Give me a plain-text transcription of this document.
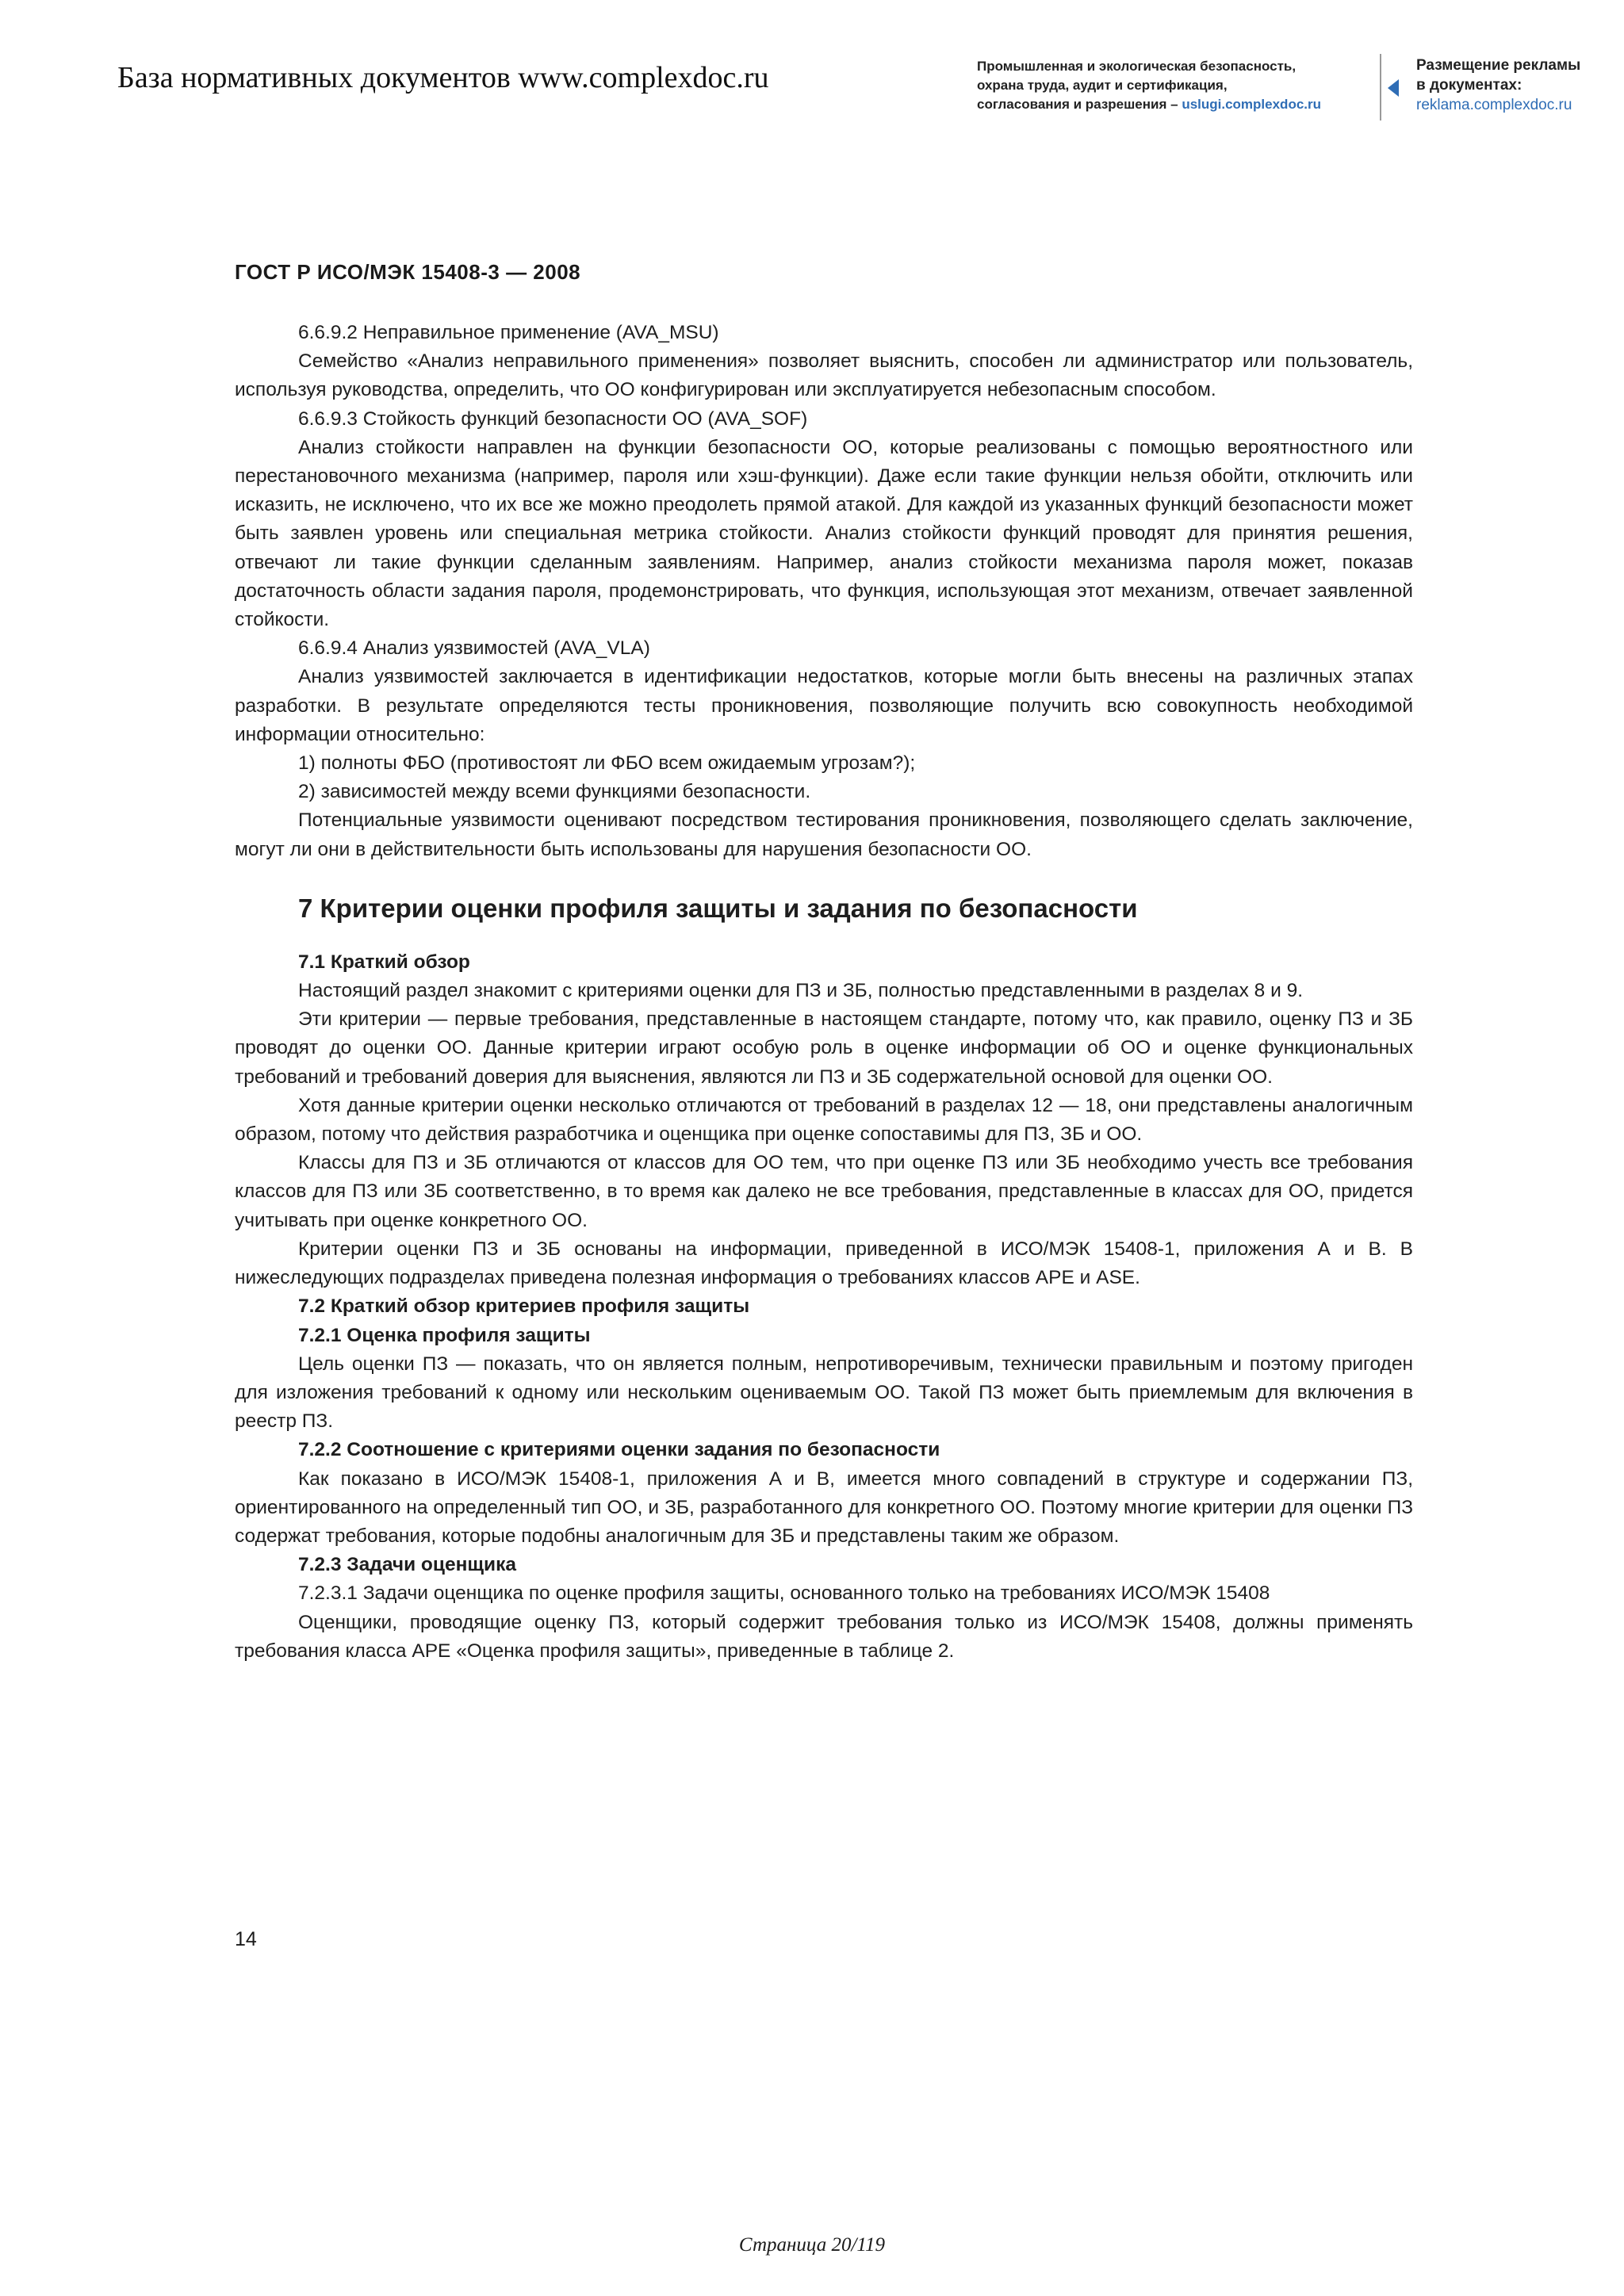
База нормативных документов www.complexdoc.ru	Промышленная и экологическая безопасность,
охрана труда, аудит и сертификация,
согласования и разрешения – uslugi.complexdoc.ru
Размещение рекламы
в документах:
reklama.complexdoc.ru
ГОСТ Р ИСО/МЭК 15408-3 — 2008

6.6.9.2 Неправильное применение (AVA_MSU)

Семейство «Анализ неправильного применения» позволяет выяснить, способен ли администратор или пользователь, используя руководства, определить, что ОО конфигурирован или эксплуатируется небезопасным способом.

6.6.9.3 Стойкость функций безопасности ОО (AVA_SOF)

Анализ стойкости направлен на функции безопасности ОО, которые реализованы с помощью вероятностного или перестановочного механизма (например, пароля или хэш-функции). Даже если такие функции нельзя обойти, отключить или исказить, не исключено, что их все же можно преодолеть прямой атакой. Для каждой из указанных функций безопасности может быть заявлен уровень или специальная метрика стойкости. Анализ стойкости функций проводят для принятия решения, отвечают ли такие функции сделанным заявлениям. Например, анализ стойкости механизма пароля может, показав достаточность области задания пароля, продемонстрировать, что функция, использующая этот механизм, отвечает заявленной стойкости.

6.6.9.4 Анализ уязвимостей (AVA_VLA)

Анализ уязвимостей заключается в идентификации недостатков, которые могли быть внесены на различных этапах разработки. В результате определяются тесты проникновения, позволяющие получить всю совокупность необходимой информации относительно:

1) полноты ФБО (противостоят ли ФБО всем ожидаемым угрозам?);

2) зависимостей между всеми функциями безопасности.

Потенциальные уязвимости оценивают посредством тестирования проникновения, позволяющего сделать заключение, могут ли они в действительности быть использованы для нарушения безопасности ОО.

7 Критерии оценки профиля защиты и задания по безопасности

7.1 Краткий обзор

Настоящий раздел знакомит с критериями оценки для ПЗ и ЗБ, полностью представленными в разделах 8 и 9.

Эти критерии — первые требования, представленные в настоящем стандарте, потому что, как правило, оценку ПЗ и ЗБ проводят до оценки ОО. Данные критерии играют особую роль в оценке информации об ОО и оценке функциональных требований и требований доверия для выяснения, являются ли ПЗ и ЗБ содержательной основой для оценки ОО.

Хотя данные критерии оценки несколько отличаются от требований в разделах 12 — 18, они представлены аналогичным образом, потому что действия разработчика и оценщика при оценке сопоставимы для ПЗ, ЗБ и ОО.

Классы для ПЗ и ЗБ отличаются от классов для ОО тем, что при оценке ПЗ или ЗБ необходимо учесть все требования классов для ПЗ или ЗБ соответственно, в то время как далеко не все требования, представленные в классах для ОО, придется учитывать при оценке конкретного ОО.

Критерии оценки ПЗ и ЗБ основаны на информации, приведенной в ИСО/МЭК 15408-1, приложения А и В. В нижеследующих подразделах приведена полезная информация о требованиях классов АРЕ и ASE.

7.2 Краткий обзор критериев профиля защиты

7.2.1 Оценка профиля защиты

Цель оценки ПЗ — показать, что он является полным, непротиворечивым, технически правильным и поэтому пригоден для изложения требований к одному или нескольким оцениваемым ОО. Такой ПЗ может быть приемлемым для включения в реестр ПЗ.

7.2.2 Соотношение с критериями оценки задания по безопасности

Как показано в ИСО/МЭК 15408-1, приложения А и В, имеется много совпадений в структуре и содержании ПЗ, ориентированного на определенный тип ОО, и ЗБ, разработанного для конкретного ОО. Поэтому многие критерии для оценки ПЗ содержат требования, которые подобны аналогичным для ЗБ и представлены таким же образом.

7.2.3 Задачи оценщика

7.2.3.1 Задачи оценщика по оценке профиля защиты, основанного только на требованиях ИСО/МЭК 15408

Оценщики, проводящие оценку ПЗ, который содержит требования только из ИСО/МЭК 15408, должны применять требования класса АРЕ «Оценка профиля защиты», приведенные в таблице 2.

14
Страница 20/119
